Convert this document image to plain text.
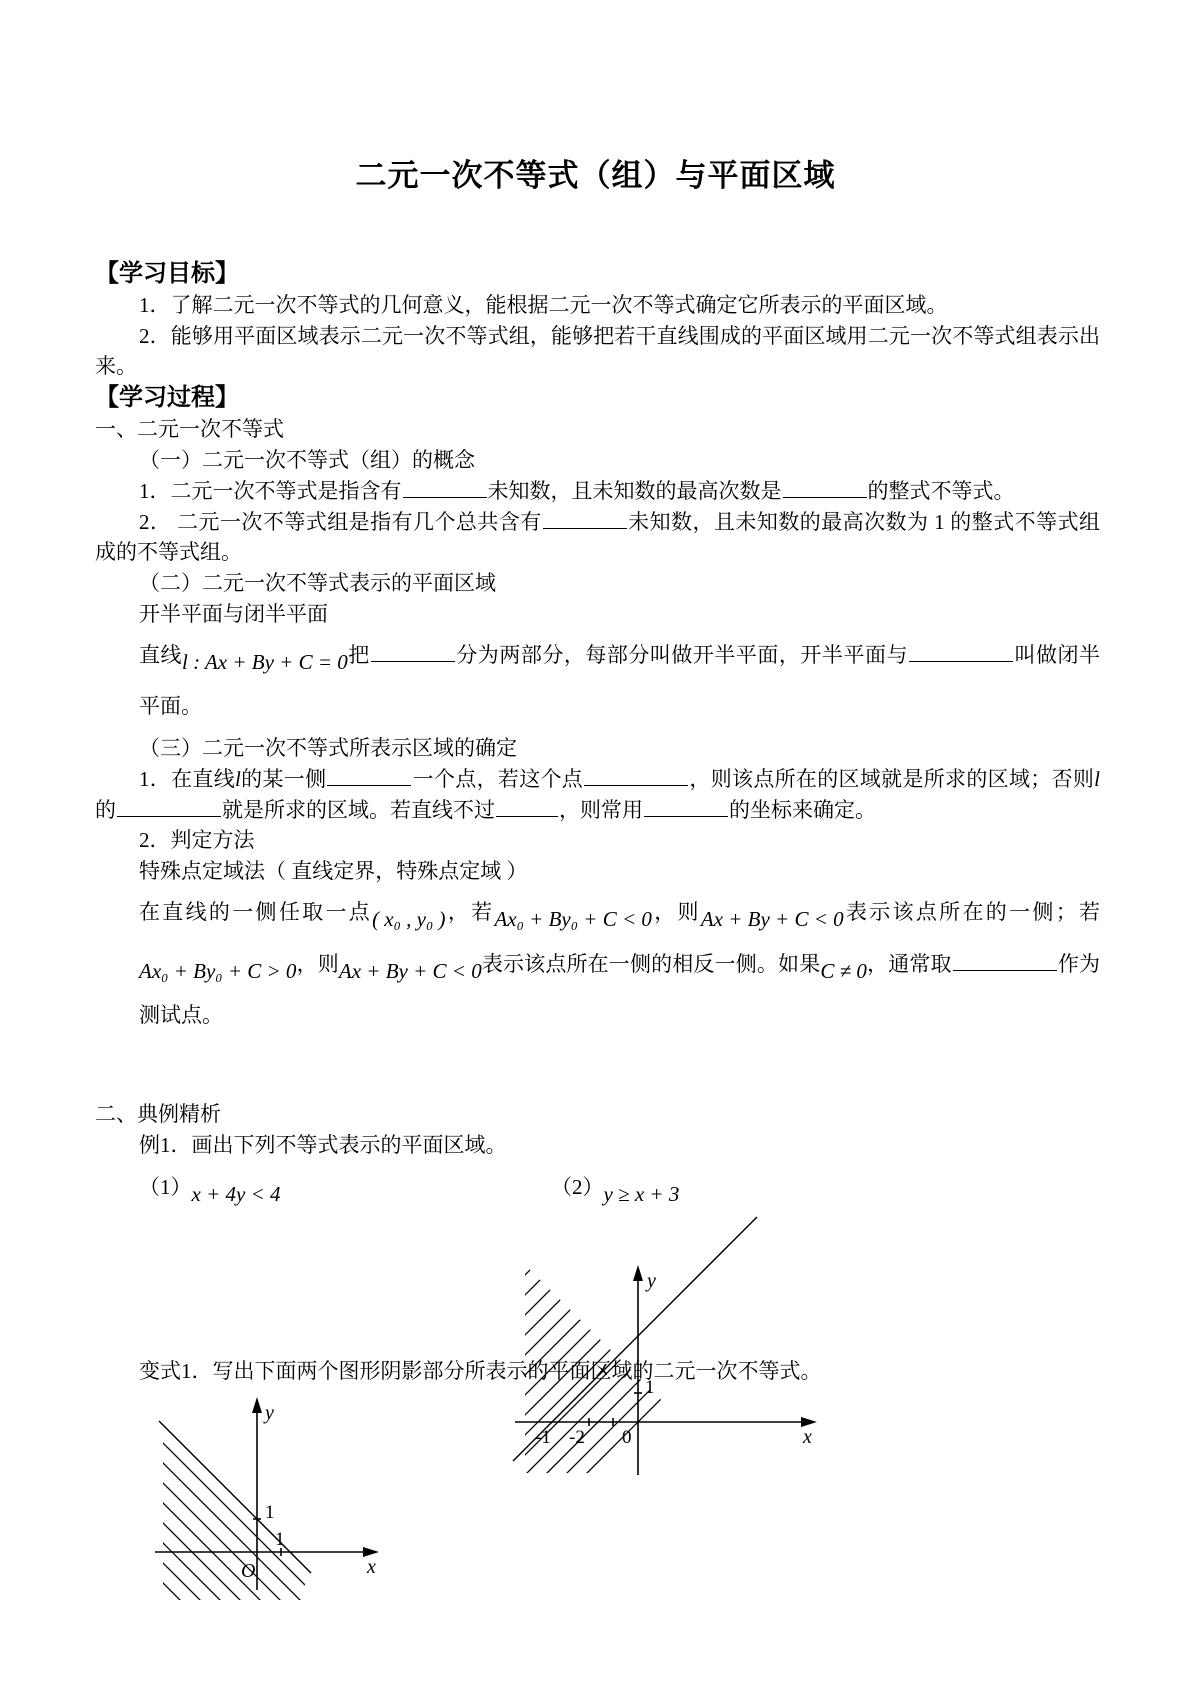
二元一次不等式（组）与平面区域
【学习目标】
1．了解二元一次不等式的几何意义，能根据二元一次不等式确定它所表示的平面区域。
2．能够用平面区域表示二元一次不等式组，能够把若干直线围成的平面区域用二元一次不等式组表示出来。
【学习过程】
一、二元一次不等式
（一）二元一次不等式（组）的概念
1．二元一次不等式是指含有	未知数，且未知数的最高次数是	的整式不等式。
2． 二元一次不等式组是指有几个总共含有	未知数，且未知数的最高次数为 1 的整式不等式组成的不等式组。
（二）二元一次不等式表示的平面区域
开半平面与闭半平面
直线l : Ax + By + C = 0把	分为两部分，每部分叫做开半平面，开半平面与	叫做闭半平面。
（三）二元一次不等式所表示区域的确定
1．在直线l的某一侧	一个点，若这个点	，则该点所在的区域就是所求的区域；否则l的	就是所求的区域。若直线不过	，则常用	的坐标来确定。
2．判定方法
特殊点定域法（ 直线定界，特殊点定域 ）
在直线的一侧任取一点( x₀ , y₀ )，若Ax₀ + By₀ + C < 0，则Ax + By + C < 0表示该点所在的一侧；若Ax₀ + By₀ + C > 0，则Ax + By + C < 0表示该点所在一侧的相反一侧。如果C ≠ 0，通常取	作为测试点。
二、典例精析
例1．画出下列不等式表示的平面区域。
（1）x + 4y < 4	（2）y ≥ x + 3
变式1．写出下面两个图形阴影部分所表示的平面区域的二元一次不等式。
y
x
0
1
-1 -2
y
x
O
1
1
